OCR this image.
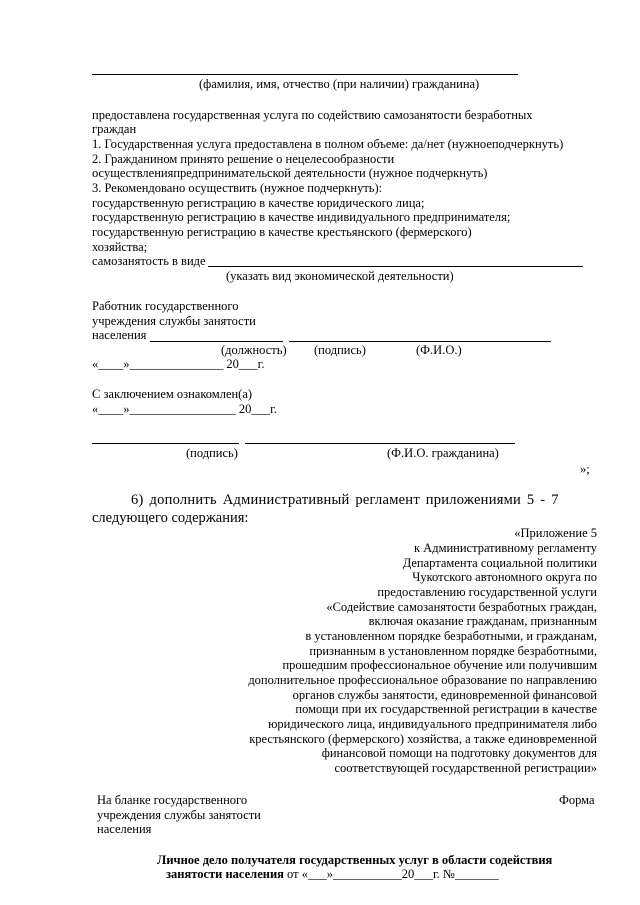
(фамилия, имя, отчество (при наличии) гражданина)
предоставлена государственная услуга по содействию самозанятости безработных
граждан
1. Государственная услуга предоставлена в полном объеме: да/нет (нужноеподчеркнуть)
2. Гражданином принято решение о нецелесообразности
осуществленияпредпринимательской деятельности (нужное подчеркнуть)
3. Рекомендовано осуществить (нужное подчеркнуть):
государственную регистрацию в качестве юридического лица;
государственную регистрацию в качестве индивидуального предпринимателя;
государственную регистрацию в качестве крестьянского (фермерского)
хозяйства;
самозанятость в виде
(указать вид экономической деятельности)
Работник государственного
учреждения службы занятости
населения
(должность) (подпись)	(Ф.И.О.)
«____»_______________ 20___г.
С заключением ознакомлен(а)
«____»_________________ 20___г.
(подпись)	(Ф.И.О. гражданина)
»;
6) дополнить Административный регламент приложениями 5 - 7
следующего содержания:
«Приложение 5
к Административному регламенту
Департамента социальной политики
Чукотского автономного округа по
предоставлению государственной услуги
«Содействие самозанятости безработных граждан,
включая оказание гражданам, признанным
в установленном порядке безработными, и гражданам,
признанным в установленном порядке безработными,
прошедшим профессиональное обучение или получившим
дополнительное профессиональное образование по направлению
органов службы занятости, единовременной финансовой
помощи при их государственной регистрации в качестве
юридического лица, индивидуального предпринимателя либо
крестьянского (фермерского) хозяйства, а также единовременной
финансовой помощи на подготовку документов для
соответствующей государственной регистрации»
На бланке государственного
учреждения службы занятости
населения
Форма
Личное дело получателя государственных услуг в области содействия
занятости населения от «___»___________20___г. №_______
